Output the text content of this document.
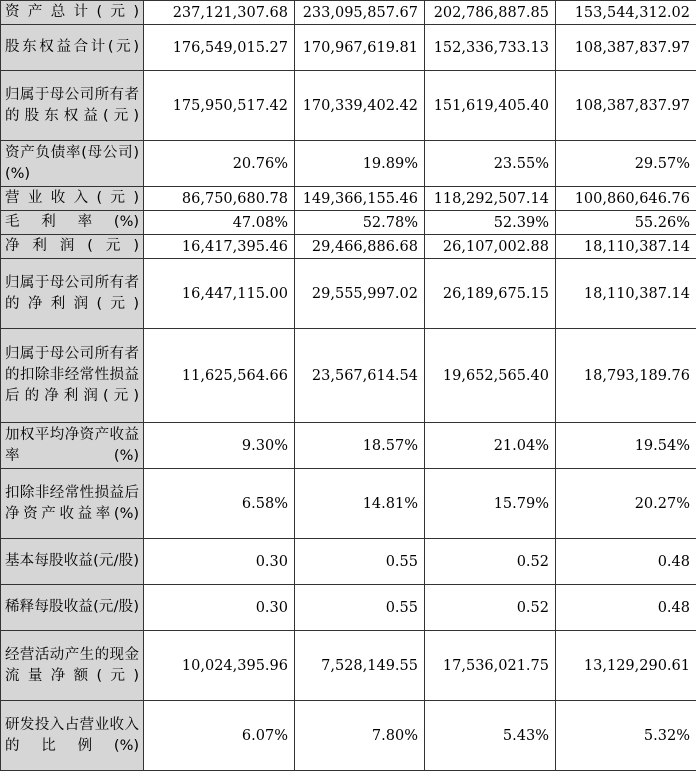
资产总计(元)	237,121,307.68	233,095,857.67	202,786,887.85	153,544,312.02
股东权益合计(元)	176,549,015.27	170,967,619.81	152,336,733.13	108,387,837.97
归属于母公司所有者的股东权益(元)	175,950,517.42	170,339,402.42	151,619,405.40	108,387,837.97
资产负债率(母公司)(%)	20.76%	19.89%	23.55%	29.57%
营业收入(元)	86,750,680.78	149,366,155.46	118,292,507.14	100,860,646.76
毛利率(%)	47.08%	52.78%	52.39%	55.26%
净利润(元)	16,417,395.46	29,466,886.68	26,107,002.88	18,110,387.14
归属于母公司所有者的净利润(元)	16,447,115.00	29,555,997.02	26,189,675.15	18,110,387.14
归属于母公司所有者的扣除非经常性损益后的净利润(元)	11,625,564.66	23,567,614.54	19,652,565.40	18,793,189.76
加权平均净资产收益率(%)	9.30%	18.57%	21.04%	19.54%
扣除非经常性损益后净资产收益率(%)	6.58%	14.81%	15.79%	20.27%
基本每股收益(元/股)	0.30	0.55	0.52	0.48
稀释每股收益(元/股)	0.30	0.55	0.52	0.48
经营活动产生的现金流量净额(元)	10,024,395.96	7,528,149.55	17,536,021.75	13,129,290.61
研发投入占营业收入的比例(%)	6.07%	7.80%	5.43%	5.32%
